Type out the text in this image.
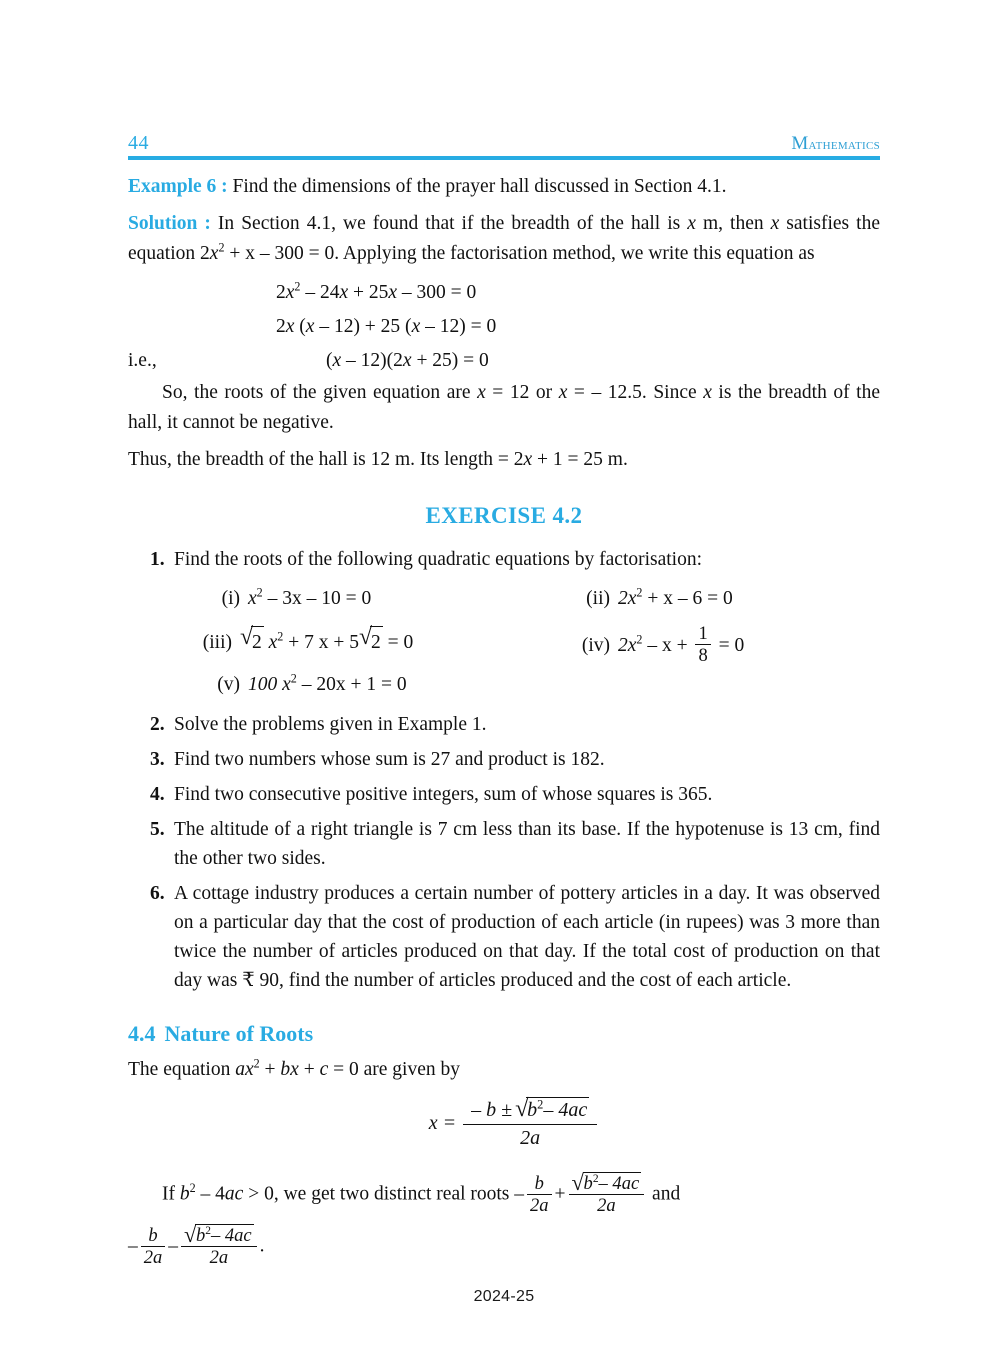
44	Mathematics

Example 6 : Find the dimensions of the prayer hall discussed in Section 4.1.

Solution : In Section 4.1, we found that if the breadth of the hall is x m, then x satisfies the equation $2x^2 + x - 300 = 0$. Applying the factorisation method, we write this equation as

$2x^2 - 24x + 25x - 300 = 0$
2x (x – 12) + 25 (x – 12) = 0
i.e.,	(x – 12)(2x + 25) = 0

So, the roots of the given equation are x = 12 or x = – 12.5. Since x is the breadth of the hall, it cannot be negative.

Thus, the breadth of the hall is 12 m. Its length = 2x + 1 = 25 m.

EXERCISE 4.2
1. Find the roots of the following quadratic equations by factorisation:
(i) $x^2 - 3x - 10 = 0$	(ii) $2x^2 + x - 6 = 0$
(iii) √
2 $x^2 + 7$ x + 5 √
2 = 0	(iv) $2x^2 - x + \frac{1}{8} = 0$
(v) 100 $x^2 - 20x + 1 = 0$
2. Solve the problems given in Example 1.
3. Find two numbers whose sum is 27 and product is 182.
4. Find two consecutive positive integers, sum of whose squares is 365.
5. The altitude of a right triangle is 7 cm less than its base. If the hypotenuse is 13 cm, find the other two sides.
6. A cottage industry produces a certain number of pottery articles in a day. It was observed on a particular day that the cost of production of each article (in rupees) was 3 more than twice the number of articles produced on that day. If the total cost of production on that day was ₹ 90, find the number of articles produced and the cost of each article.
4.4 Nature of Roots

The equation $ax^2$ + bx + c = 0 are given by

x = – b ± √
$b^2-$ 4ac
2a

If $b^2 - 4ac > 0$, we get two distinct real roots – $\frac{b}{2a} + \frac{√ b^2- 4ac}{2a}$ and

– $\frac{b}{2a} - \frac{√ b^2- 4ac}{2a}$ .

2024-25
